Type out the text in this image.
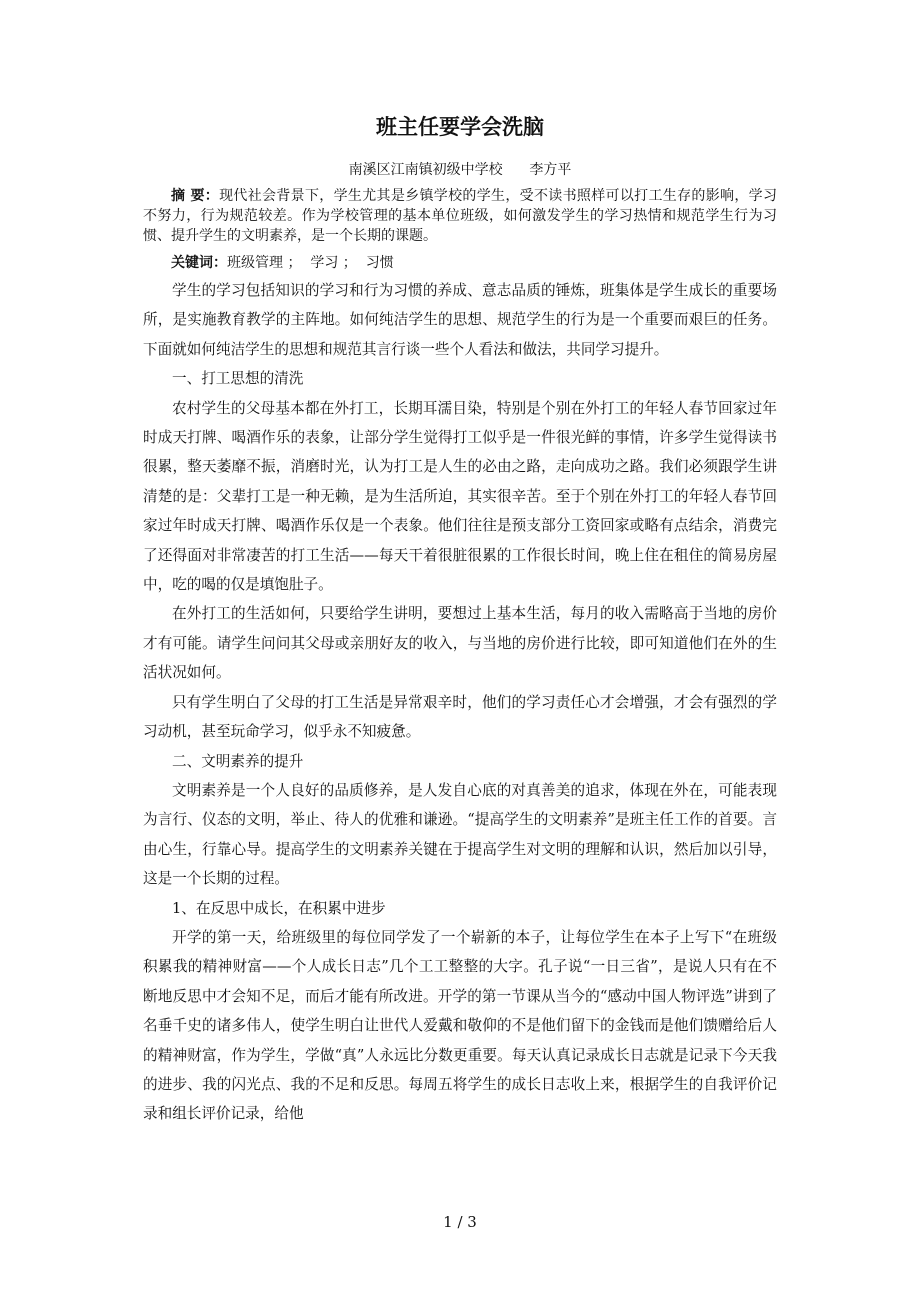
班主任要学会洗脑
南溪区江南镇初级中学校      李方平

摘 要：现代社会背景下，学生尤其是乡镇学校的学生，受不读书照样可以打工生存的影响，学习不努力，行为规范较差。作为学校管理的基本单位班级，如何激发学生的学习热情和规范学生行为习惯、提升学生的文明素养，是一个长期的课题。

关键词：班级管理 ；  学习 ；  习惯

学生的学习包括知识的学习和行为习惯的养成、意志品质的锤炼，班集体是学生成长的重要场所，是实施教育教学的主阵地。如何纯洁学生的思想、规范学生的行为是一个重要而艰巨的任务。下面就如何纯洁学生的思想和规范其言行谈一些个人看法和做法，共同学习提升。

一、打工思想的清洗

农村学生的父母基本都在外打工，长期耳濡目染，特别是个别在外打工的年轻人春节回家过年时成天打牌、喝酒作乐的表象，让部分学生觉得打工似乎是一件很光鲜的事情，许多学生觉得读书很累，整天萎靡不振，消磨时光，认为打工是人生的必由之路，走向成功之路。我们必须跟学生讲清楚的是：父辈打工是一种无赖，是为生活所迫，其实很辛苦。至于个别在外打工的年轻人春节回家过年时成天打牌、喝酒作乐仅是一个表象。他们往往是预支部分工资回家或略有点结余，消费完了还得面对非常凄苦的打工生活——每天干着很脏很累的工作很长时间，晚上住在租住的简易房屋中，吃的喝的仅是填饱肚子。

在外打工的生活如何，只要给学生讲明，要想过上基本生活，每月的收入需略高于当地的房价才有可能。请学生问问其父母或亲朋好友的收入，与当地的房价进行比较，即可知道他们在外的生活状况如何。

只有学生明白了父母的打工生活是异常艰辛时，他们的学习责任心才会增强，才会有强烈的学习动机，甚至玩命学习，似乎永不知疲惫。

二、文明素养的提升

文明素养是一个人良好的品质修养，是人发自心底的对真善美的追求，体现在外在，可能表现为言行、仪态的文明，举止、待人的优雅和谦逊。“提高学生的文明素养”是班主任工作的首要。言由心生，行靠心导。提高学生的文明素养关键在于提高学生对文明的理解和认识，然后加以引导，这是一个长期的过程。

1、在反思中成长，在积累中进步

开学的第一天，给班级里的每位同学发了一个崭新的本子，让每位学生在本子上写下“在班级积累我的精神财富——个人成长日志”几个工工整整的大字。孔子说“一日三省”，是说人只有在不断地反思中才会知不足，而后才能有所改进。开学的第一节课从当今的“感动中国人物评选”讲到了名垂千史的诸多伟人，使学生明白让世代人爱戴和敬仰的不是他们留下的金钱而是他们馈赠给后人的精神财富，作为学生，学做“真”人永远比分数更重要。每天认真记录成长日志就是记录下今天我的进步、我的闪光点、我的不足和反思。每周五将学生的成长日志收上来，根据学生的自我评价记录和组长评价记录，给他

1 / 3
